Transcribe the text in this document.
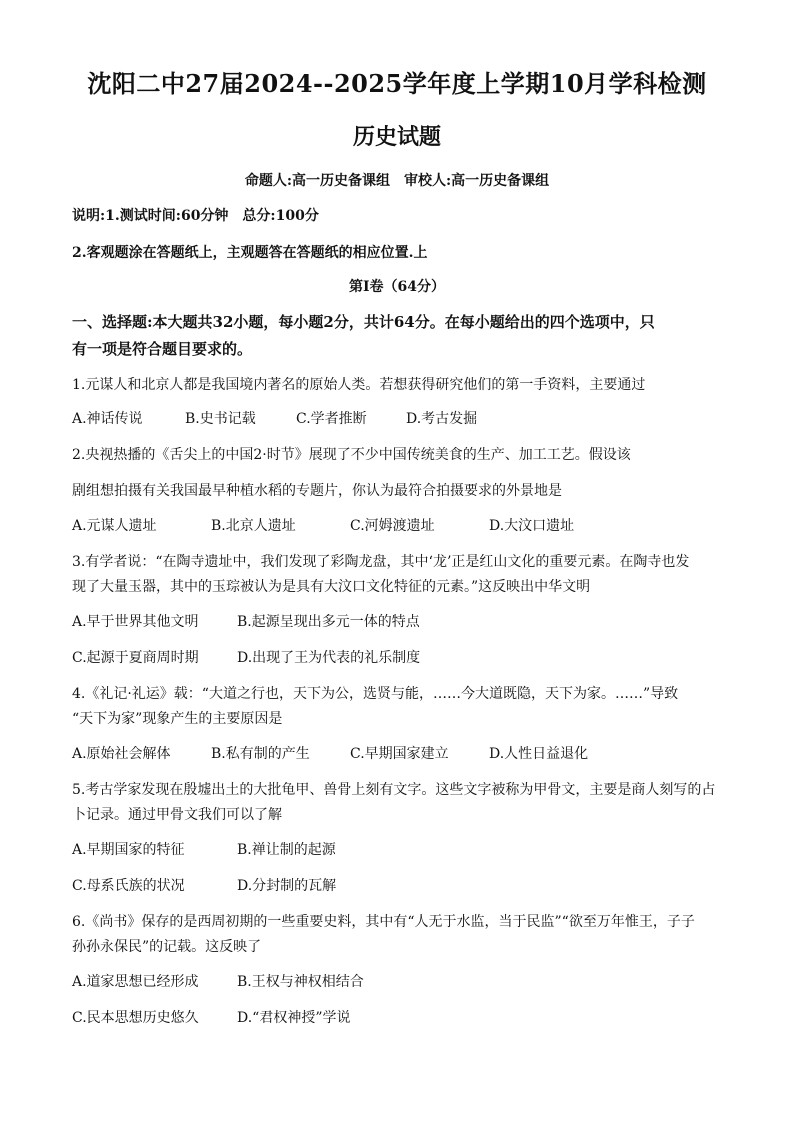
沈阳二中27届2024--2025学年度上学期10月学科检测
历史试题
命题人:高一历史备课组　审校人:高一历史备课组
说明:1.测试时间:60分钟　总分:100分
2.客观题涂在答题纸上，主观题答在答题纸的相应位置.上
第I卷（64分）
一、选择题:本大题共32小题，每小题2分，共计64分。在每小题给出的四个选项中，只
有一项是符合题目要求的。
1.元谋人和北京人都是我国境内著名的原始人类。若想获得研究他们的第一手资料，主要通过
A.神话传说	B.史书记载	C.学者推断	D.考古发掘
2.央视热播的《舌尖上的中国2·时节》展现了不少中国传统美食的生产、加工工艺。假设该
剧组想拍摄有关我国最早种植水稻的专题片，你认为最符合拍摄要求的外景地是
A.元谋人遗址	B.北京人遗址	C.河姆渡遗址	D.大汶口遗址
3.有学者说：“在陶寺遗址中，我们发现了彩陶龙盘，其中‘龙’正是红山文化的重要元素。在陶寺也发
现了大量玉器，其中的玉琮被认为是具有大汶口文化特征的元素。”这反映出中华文明
A.早于世界其他文明	B.起源呈现出多元一体的特点
C.起源于夏商周时期	D.出现了王为代表的礼乐制度
4.《礼记·礼运》载：“大道之行也，天下为公，选贤与能，……今大道既隐，天下为家。……”导致
“天下为家”现象产生的主要原因是
A.原始社会解体	B.私有制的产生	C.早期国家建立	D.人性日益退化
5.考古学家发现在殷墟出土的大批龟甲、兽骨上刻有文字。这些文字被称为甲骨文，主要是商人刻写的占
卜记录。通过甲骨文我们可以了解
A.早期国家的特征	B.禅让制的起源
C.母系氏族的状况	D.分封制的瓦解
6.《尚书》保存的是西周初期的一些重要史料，其中有“人无于水监，当于民监”“欲至万年惟王，子子
孙孙永保民”的记载。这反映了
A.道家思想已经形成	B.王权与神权相结合
C.民本思想历史悠久	D.“君权神授”学说
